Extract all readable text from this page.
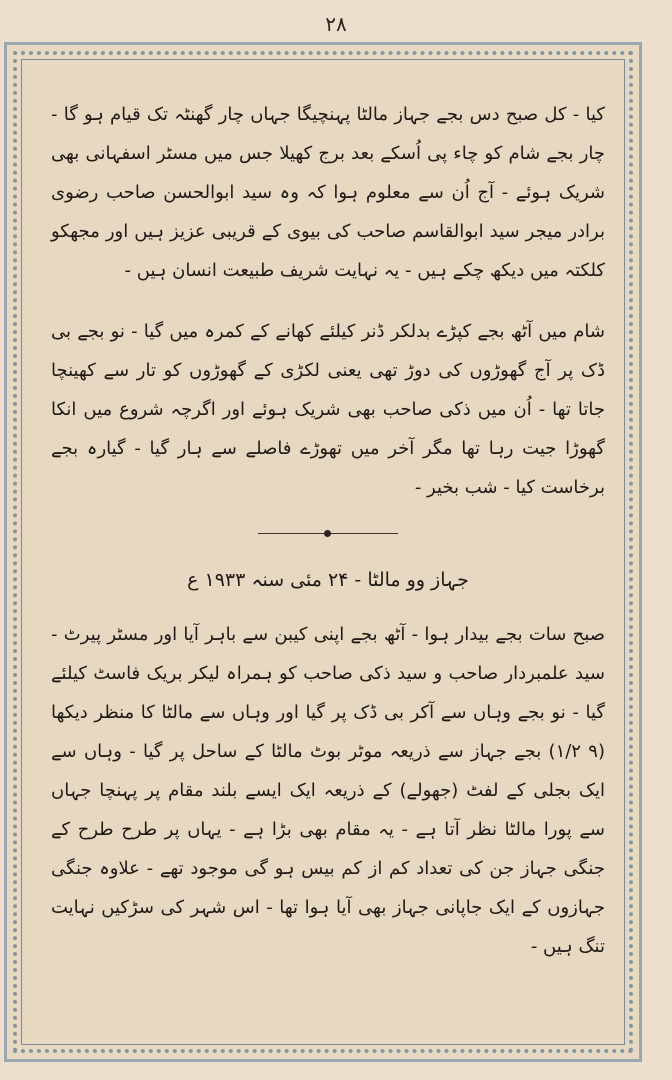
۲۸

کیا - کل صبح دس بجے جہاز مالٹا پہنچیگا جہاں چار گھنٹہ تک قیام ہو گا - چار بجے شام کو چاء پی اُسکے بعد برج کھیلا جس میں مسٹر اسفہانی بھی شریک ہوئے - آج اُن سے معلوم ہوا کہ وہ سید ابوالحسن صاحب رضوی برادر میجر سید ابوالقاسم صاحب کی بیوی کے قریبی عزیز ہیں اور مجھکو کلکتہ میں دیکھ چکے ہیں - یہ نہایت شریف طبیعت انسان ہیں -

شام میں آٹھ بجے کپڑے بدلکر ڈنر کیلئے کھانے کے کمرہ میں گیا - نو بجے بی ڈک پر آج گھوڑوں کی دوڑ تھی یعنی لکڑی کے گھوڑوں کو تار سے کھینچا جاتا تھا - اُن میں ذکی صاحب بھی شریک ہوئے اور اگرچہ شروع میں انکا گھوڑا جیت رہا تھا مگر آخر میں تھوڑے فاصلے سے ہار گیا - گیارہ بجے برخاست کیا - شب بخیر -

جہاز وو مالٹا - ۲۴ مئی سنہ ۱۹۳۳ ع

صبح سات بجے بیدار ہوا - آٹھ بجے اپنی کیبن سے باہر آیا اور مسٹر پیرٹ - سید علمبردار صاحب و سید ذکی صاحب کو ہمراہ لیکر بریک فاسٹ کیلئے گیا - نو بجے وہاں سے آکر بی ڈک پر گیا اور وہاں سے مالٹا کا منظر دیکھا (۹ ۱/۲) بجے جہاز سے ذریعہ موٹر بوٹ مالٹا کے ساحل پر گیا - وہاں سے ایک بجلی کے لفٹ (جھولے) کے ذریعہ ایک ایسے بلند مقام پر پہنچا جہاں سے پورا مالٹا نظر آتا ہے - یہ مقام بھی بڑا ہے - یہاں پر طرح طرح کے جنگی جہاز جن کی تعداد کم از کم بیس ہو گی موجود تھے - علاوہ جنگی جہازوں کے ایک جاپانی جہاز بھی آیا ہوا تھا - اس شہر کی سڑکیں نہایت تنگ ہیں -
